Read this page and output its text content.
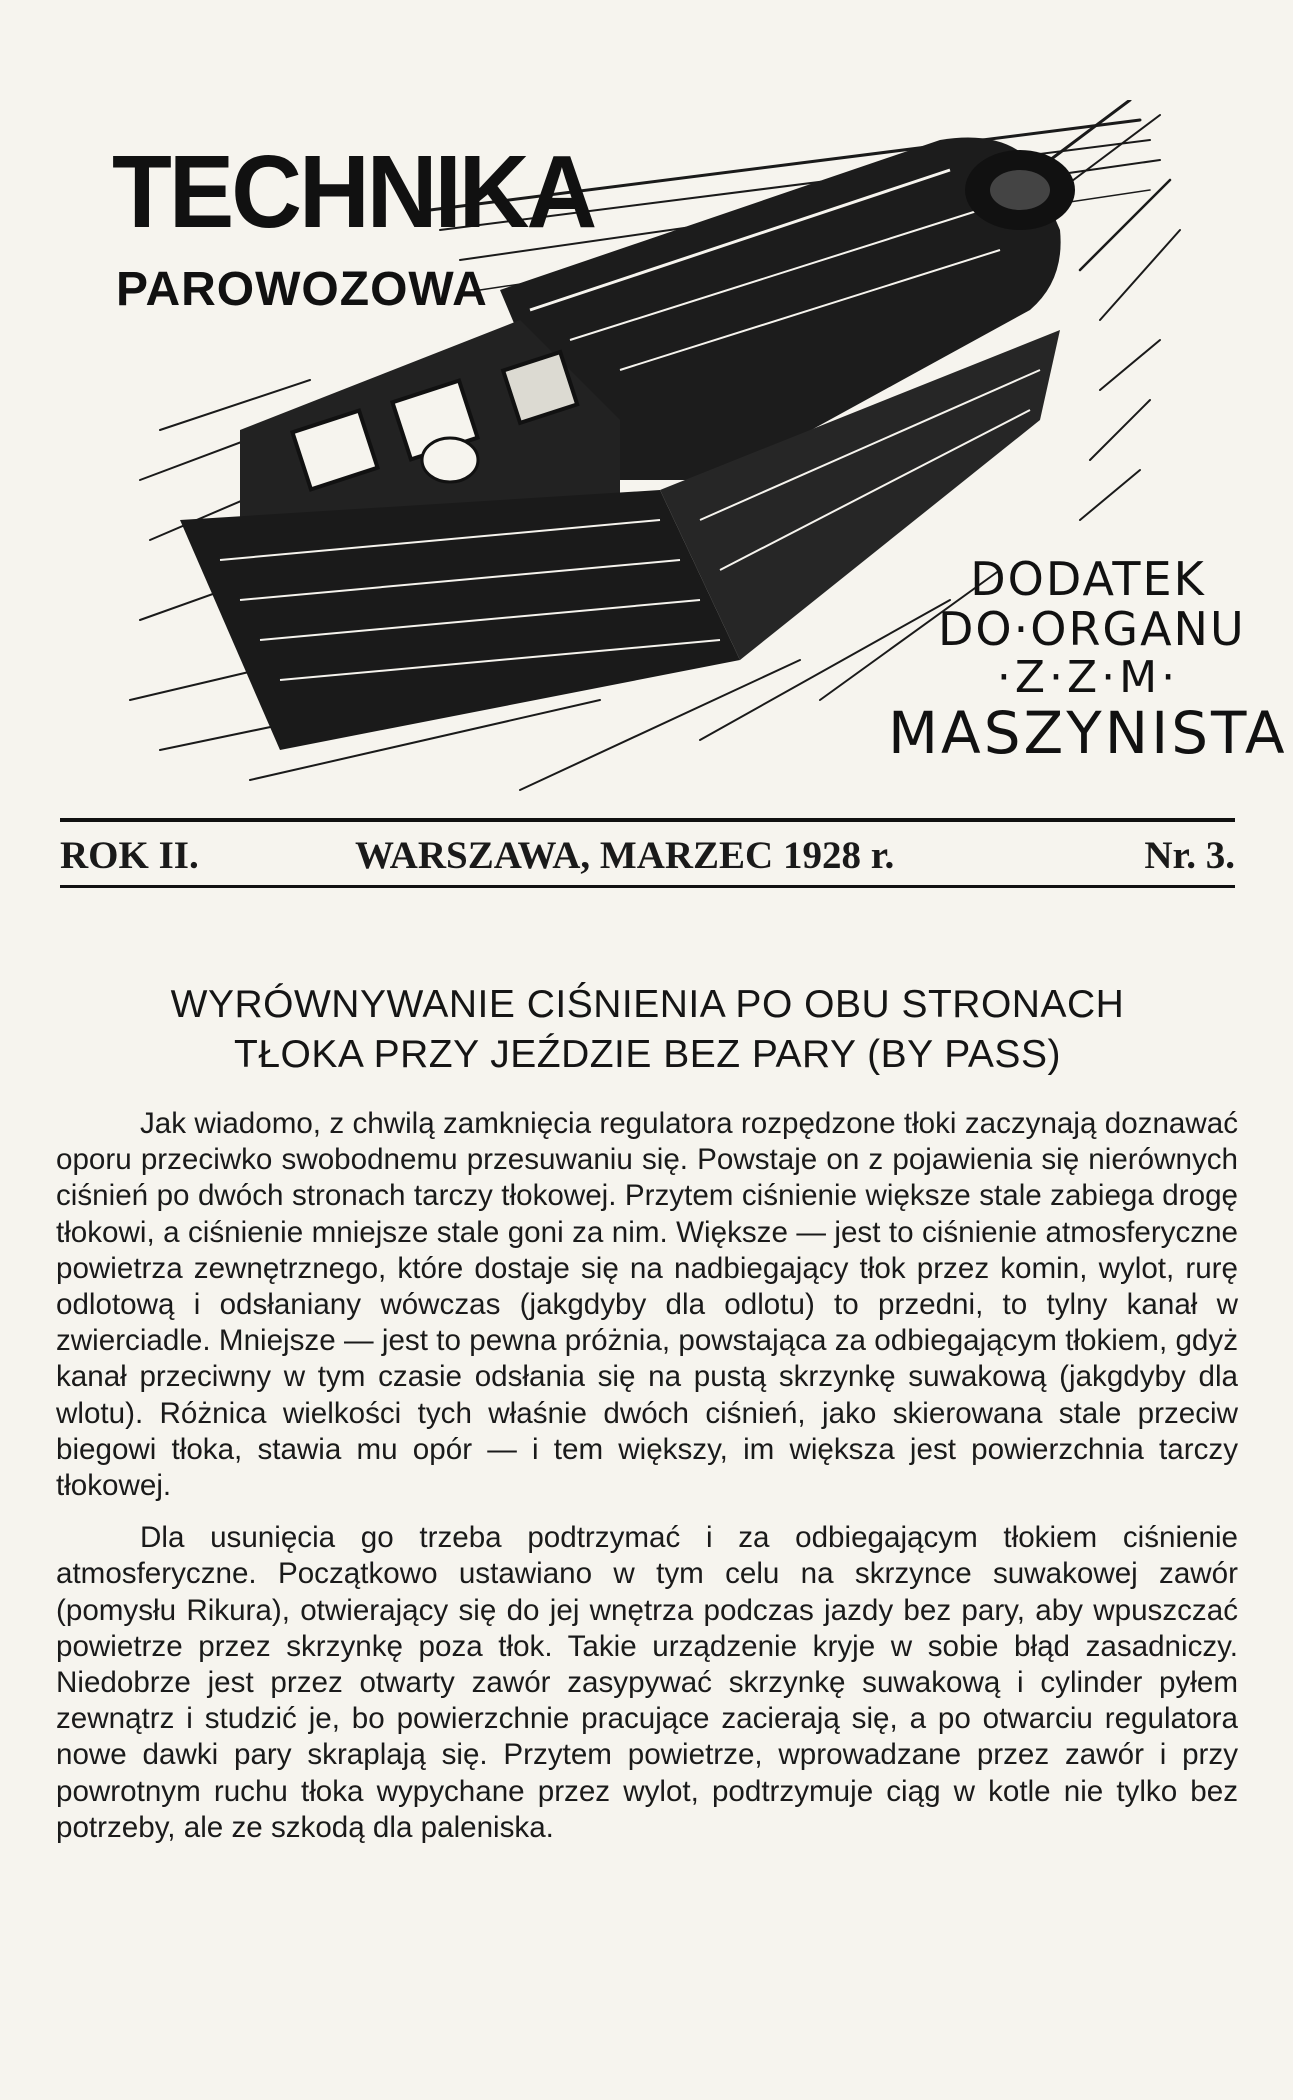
TECHNIKA
PAROWOZOWA
DODATEK
DO·ORGANU
·Z·Z·M·
MASZYNISTA
ROK II.	WARSZAWA, MARZEC 1928 r.	Nr. 3.
WYRÓWNYWANIE CIŚNIENIA PO OBU STRONACH
TŁOKA PRZY JEŹDZIE BEZ PARY (BY PASS)

Jak wiadomo, z chwilą zamknięcia regulatora rozpędzone tłoki zaczynają doznawać oporu przeciwko swobodnemu przesuwaniu się. Powstaje on z pojawienia się nierównych ciśnień po dwóch stronach tarczy tłokowej. Przytem ciśnienie większe stale zabiega drogę tłokowi, a ciśnienie mniejsze stale goni za nim. Większe — jest to ciśnienie atmosferyczne powietrza zewnętrznego, które dostaje się na nadbiegający tłok przez komin, wylot, rurę odlotową i odsłaniany wówczas (jakgdyby dla odlotu) to przedni, to tylny kanał w zwierciadle. Mniejsze — jest to pewna próżnia, powstająca za odbiegającym tłokiem, gdyż kanał przeciwny w tym czasie odsłania się na pustą skrzynkę suwakową (jakgdyby dla wlotu). Różnica wielkości tych właśnie dwóch ciśnień, jako skierowana stale przeciw biegowi tłoka, stawia mu opór — i tem większy, im większa jest powierzchnia tarczy tłokowej.

Dla usunięcia go trzeba podtrzymać i za odbiegającym tłokiem ciśnienie atmosferyczne. Początkowo ustawiano w tym celu na skrzynce suwakowej zawór (pomysłu Rikura), otwierający się do jej wnętrza podczas jazdy bez pary, aby wpuszczać powietrze przez skrzynkę poza tłok. Takie urządzenie kryje w sobie błąd zasadniczy. Niedobrze jest przez otwarty zawór zasypywać skrzynkę suwakową i cylinder pyłem zewnątrz i studzić je, bo powierzchnie pracujące zacierają się, a po otwarciu regulatora nowe dawki pary skraplają się. Przytem powietrze, wprowadzane przez zawór i przy powrotnym ruchu tłoka wypychane przez wylot, podtrzymuje ciąg w kotle nie tylko bez potrzeby, ale ze szkodą dla paleniska.
